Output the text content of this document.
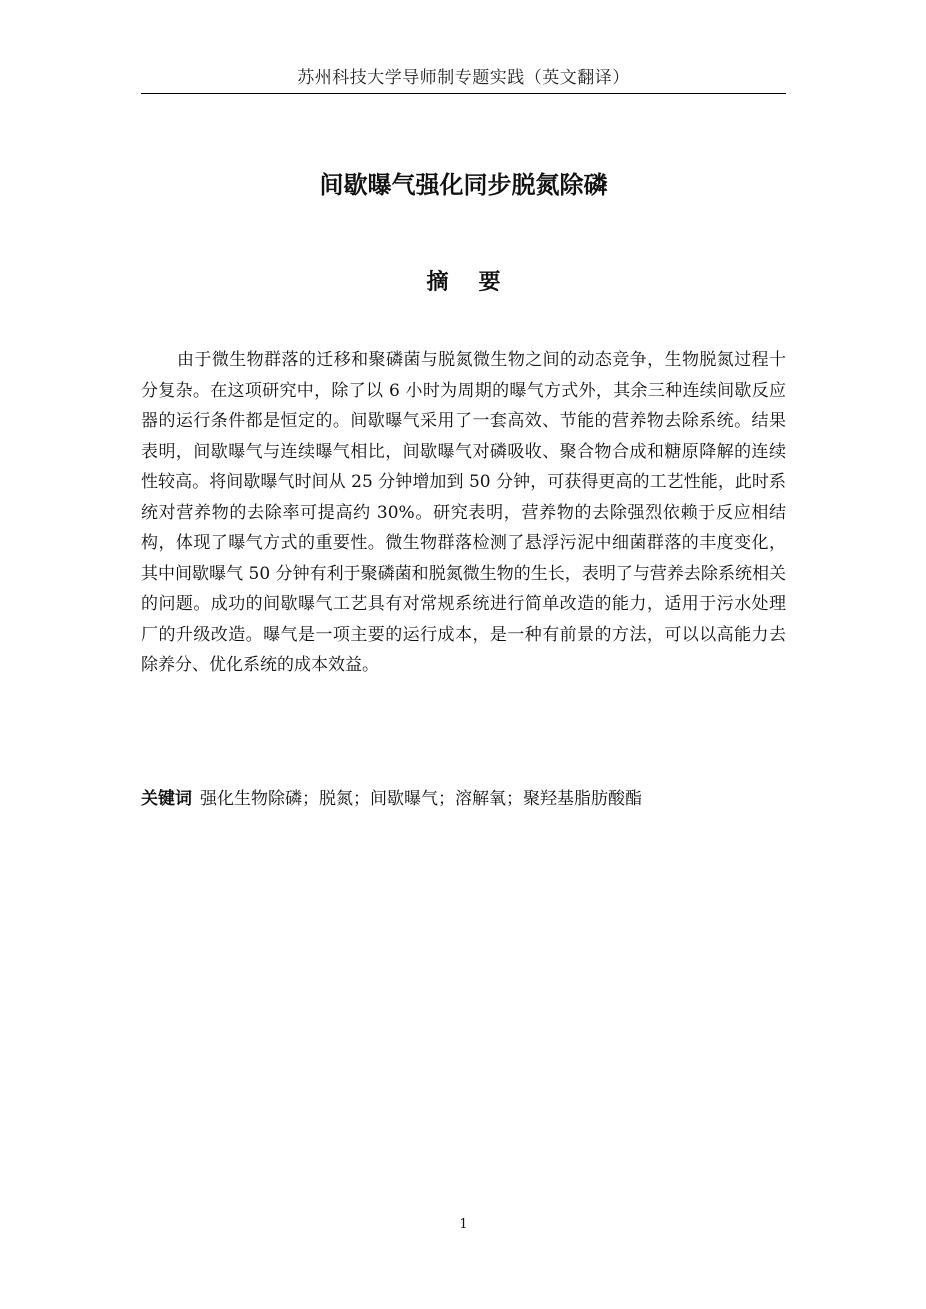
苏州科技大学导师制专题实践（英文翻译）
间歇曝气强化同步脱氮除磷
摘要

由于微生物群落的迁移和聚磷菌与脱氮微生物之间的动态竞争，生物脱氮过程十分复杂。在这项研究中，除了以 6 小时为周期的曝气方式外，其余三种连续间歇反应器的运行条件都是恒定的。间歇曝气采用了一套高效、节能的营养物去除系统。结果表明，间歇曝气与连续曝气相比，间歇曝气对磷吸收、聚合物合成和糖原降解的连续性较高。将间歇曝气时间从 25 分钟增加到 50 分钟，可获得更高的工艺性能，此时系统对营养物的去除率可提高约 30%。研究表明，营养物的去除强烈依赖于反应相结构，体现了曝气方式的重要性。微生物群落检测了悬浮污泥中细菌群落的丰度变化，其中间歇曝气 50 分钟有利于聚磷菌和脱氮微生物的生长，表明了与营养去除系统相关的问题。成功的间歇曝气工艺具有对常规系统进行简单改造的能力，适用于污水处理厂的升级改造。曝气是一项主要的运行成本，是一种有前景的方法，可以以高能力去除养分、优化系统的成本效益。

关键词 强化生物除磷；脱氮；间歇曝气；溶解氧；聚羟基脂肪酸酯

1
